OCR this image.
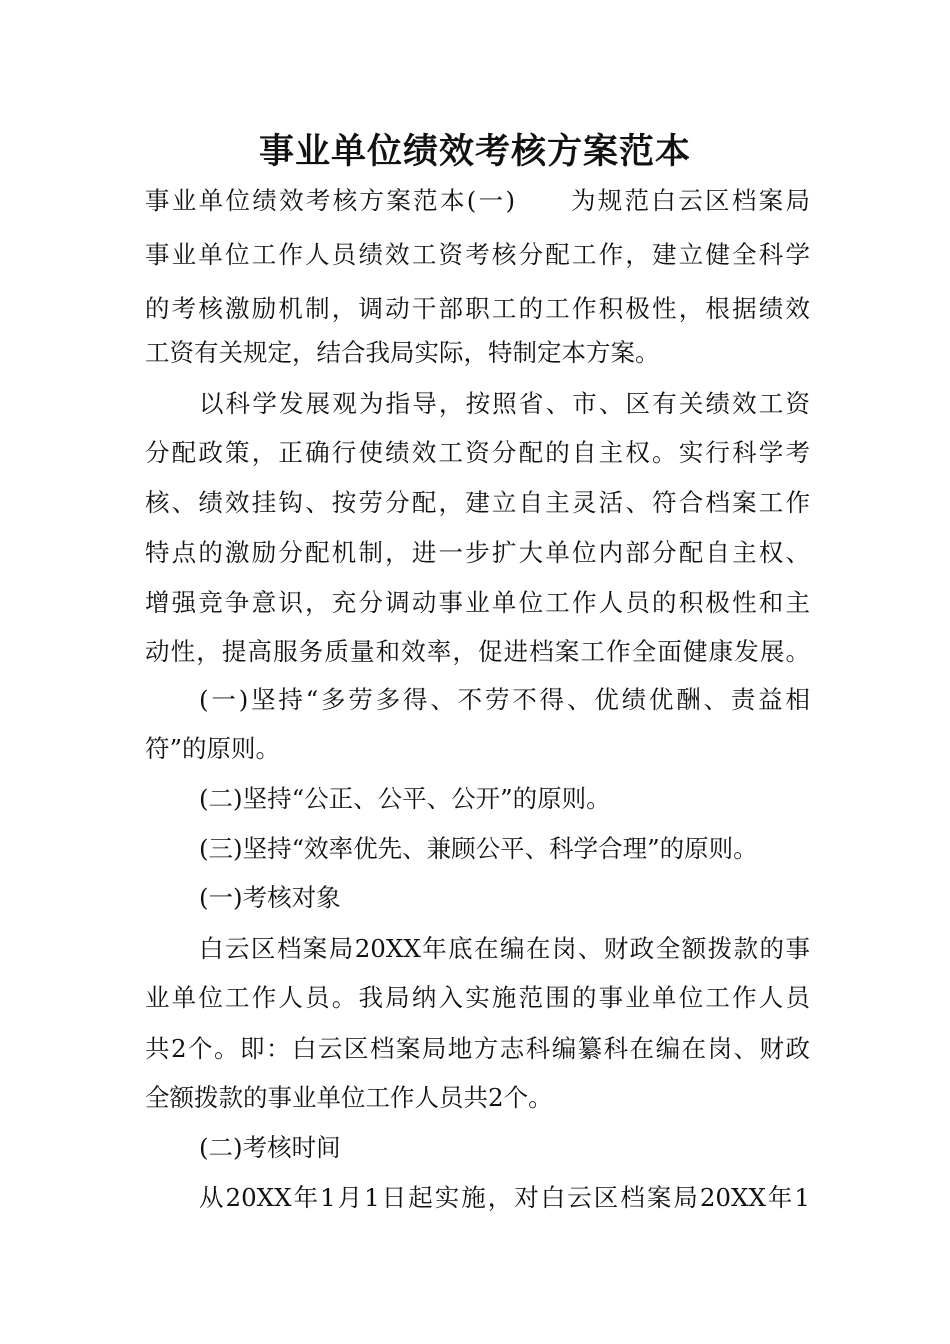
事业单位绩效考核方案范本
事业单位绩效考核方案范本(一)　　为规范白云区档案局
事业单位工作人员绩效工资考核分配工作，建立健全科学
的考核激励机制，调动干部职工的工作积极性，根据绩效
工资有关规定，结合我局实际，特制定本方案。
以科学发展观为指导，按照省、市、区有关绩效工资
分配政策，正确行使绩效工资分配的自主权。实行科学考
核、绩效挂钩、按劳分配，建立自主灵活、符合档案工作
特点的激励分配机制，进一步扩大单位内部分配自主权、
增强竞争意识，充分调动事业单位工作人员的积极性和主
动性，提高服务质量和效率，促进档案工作全面健康发展。
(一)坚持“多劳多得、不劳不得、优绩优酬、责益相
符”的原则。
(二)坚持“公正、公平、公开”的原则。
(三)坚持“效率优先、兼顾公平、科学合理”的原则。
(一)考核对象
白云区档案局20XX年底在编在岗、财政全额拨款的事
业单位工作人员。我局纳入实施范围的事业单位工作人员
共2个。即：白云区档案局地方志科编纂科在编在岗、财政
全额拨款的事业单位工作人员共2个。
(二)考核时间
从20XX年1月1日起实施，对白云区档案局20XX年1
